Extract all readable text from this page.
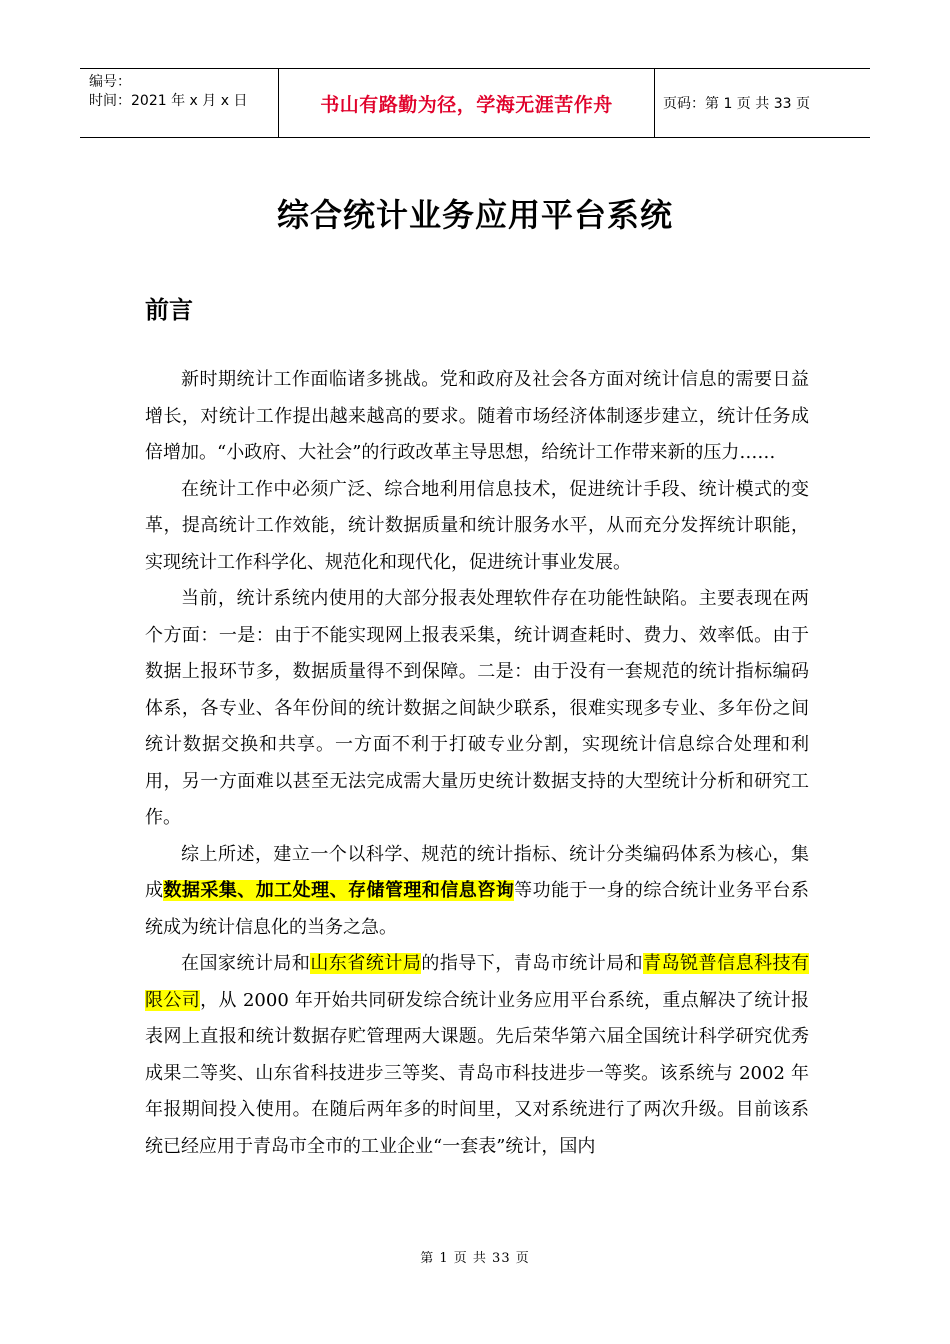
编号：
时间：2021 年 x 月 x 日	书山有路勤为径，学海无涯苦作舟	页码：第 1 页 共 33 页
综合统计业务应用平台系统
前言

新时期统计工作面临诸多挑战。党和政府及社会各方面对统计信息的需要日益增长，对统计工作提出越来越高的要求。随着市场经济体制逐步建立，统计任务成倍增加。“小政府、大社会”的行政改革主导思想，给统计工作带来新的压力……

在统计工作中必须广泛、综合地利用信息技术，促进统计手段、统计模式的变革，提高统计工作效能，统计数据质量和统计服务水平，从而充分发挥统计职能，实现统计工作科学化、规范化和现代化，促进统计事业发展。

当前，统计系统内使用的大部分报表处理软件存在功能性缺陷。主要表现在两个方面：一是：由于不能实现网上报表采集，统计调查耗时、费力、效率低。由于数据上报环节多，数据质量得不到保障。二是：由于没有一套规范的统计指标编码体系，各专业、各年份间的统计数据之间缺少联系，很难实现多专业、多年份之间统计数据交换和共享。一方面不利于打破专业分割，实现统计信息综合处理和利用，另一方面难以甚至无法完成需大量历史统计数据支持的大型统计分析和研究工作。

综上所述，建立一个以科学、规范的统计指标、统计分类编码体系为核心，集成数据采集、加工处理、存储管理和信息咨询等功能于一身的综合统计业务平台系统成为统计信息化的当务之急。

在国家统计局和山东省统计局的指导下，青岛市统计局和青岛锐普信息科技有限公司，从 2000 年开始共同研发综合统计业务应用平台系统，重点解决了统计报表网上直报和统计数据存贮管理两大课题。先后荣华第六届全国统计科学研究优秀成果二等奖、山东省科技进步三等奖、青岛市科技进步一等奖。该系统与 2002 年年报期间投入使用。在随后两年多的时间里，又对系统进行了两次升级。目前该系统已经应用于青岛市全市的工业企业“一套表”统计，国内

第 1 页 共 33 页
